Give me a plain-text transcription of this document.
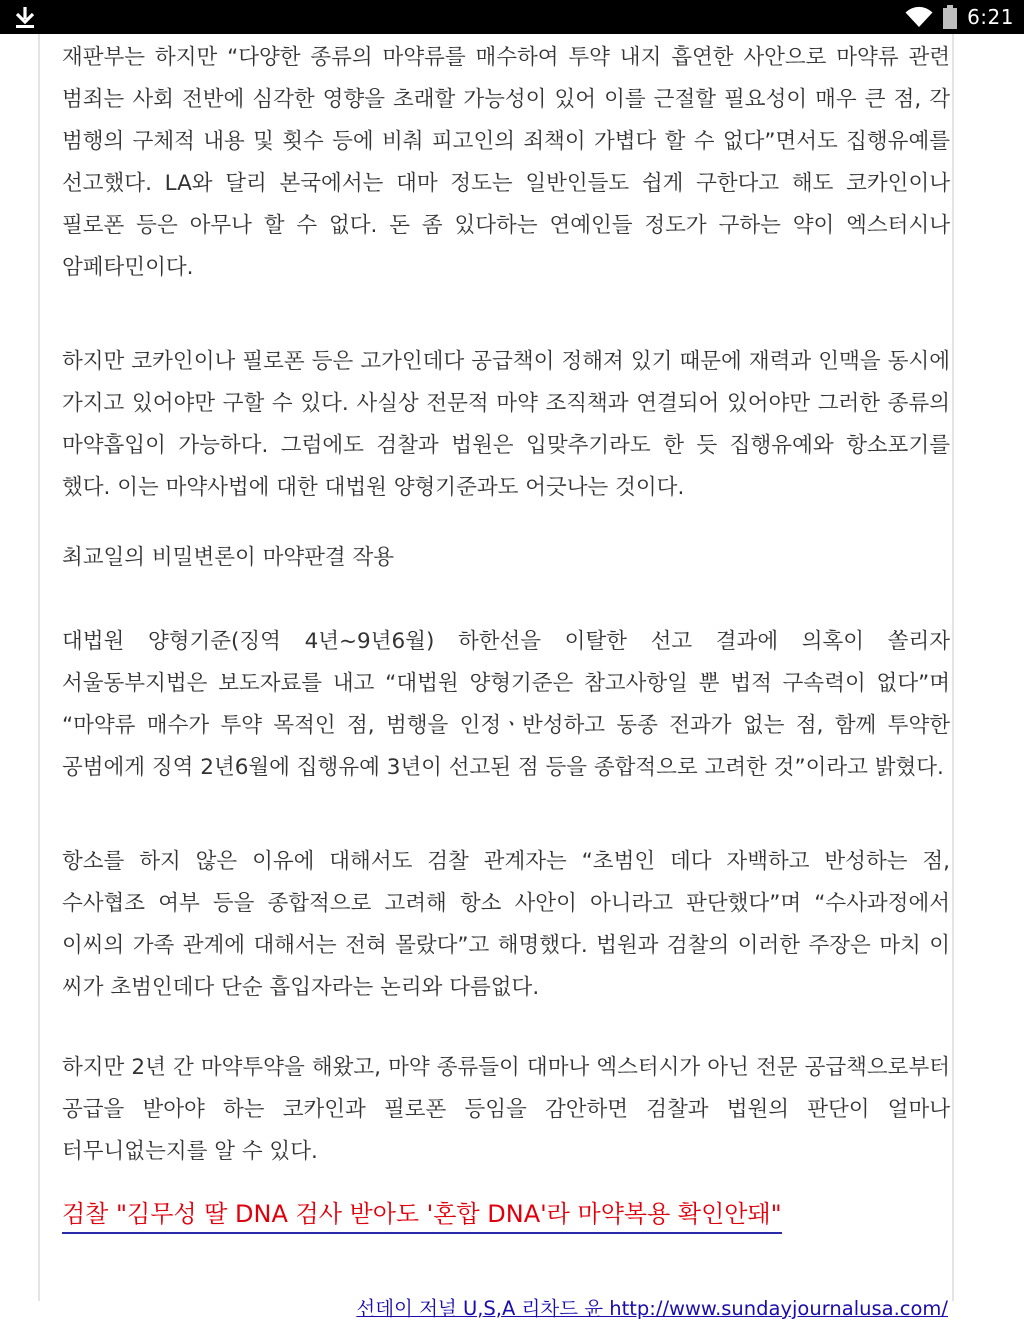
6:21

재판부는 하지만 “다양한 종류의 마약류를 매수하여 투약 내지 흡연한 사안으로 마약류 관련 범죄는 사회 전반에 심각한 영향을 초래할 가능성이 있어 이를 근절할 필요성이 매우 큰 점, 각 범행의 구체적 내용 및 횟수 등에 비춰 피고인의 죄책이 가볍다 할 수 없다”면서도 집행유예를 선고했다. LA와 달리 본국에서는 대마 정도는 일반인들도 쉽게 구한다고 해도 코카인이나 필로폰 등은 아무나 할 수 없다. 돈 좀 있다하는 연예인들 정도가 구하는 약이 엑스터시나 암페타민이다.

하지만 코카인이나 필로폰 등은 고가인데다 공급책이 정해져 있기 때문에 재력과 인맥을 동시에 가지고 있어야만 구할 수 있다. 사실상 전문적 마약 조직책과 연결되어 있어야만 그러한 종류의 마약흡입이 가능하다. 그럼에도 검찰과 법원은 입맞추기라도 한 듯 집행유예와 항소포기를 했다. 이는 마약사법에 대한 대법원 양형기준과도 어긋나는 것이다.

최교일의 비밀변론이 마약판결 작용

대법원 양형기준(징역 4년~9년6월) 하한선을 이탈한 선고 결과에 의혹이 쏠리자 서울동부지법은 보도자료를 내고 “대법원 양형기준은 참고사항일 뿐 법적 구속력이 없다”며 “마약류 매수가 투약 목적인 점, 범행을 인정ㆍ반성하고 동종 전과가 없는 점, 함께 투약한 공범에게 징역 2년6월에 집행유예 3년이 선고된 점 등을 종합적으로 고려한 것”이라고 밝혔다.

항소를 하지 않은 이유에 대해서도 검찰 관계자는 “초범인 데다 자백하고 반성하는 점, 수사협조 여부 등을 종합적으로 고려해 항소 사안이 아니라고 판단했다”며 “수사과정에서 이씨의 가족 관계에 대해서는 전혀 몰랐다”고 해명했다. 법원과 검찰의 이러한 주장은 마치 이 씨가 초범인데다 단순 흡입자라는 논리와 다름없다.

하지만 2년 간 마약투약을 해왔고, 마약 종류들이 대마나 엑스터시가 아닌 전문 공급책으로부터 공급을 받아야 하는 코카인과 필로폰 등임을 감안하면 검찰과 법원의 판단이 얼마나 터무니없는지를 알 수 있다.

검찰 "김무성 딸 DNA 검사 받아도 '혼합 DNA'라 마약복용 확인안돼"
선데이 저널 U,S,A 리차드 윤 http://www.sundayjournalusa.com/
